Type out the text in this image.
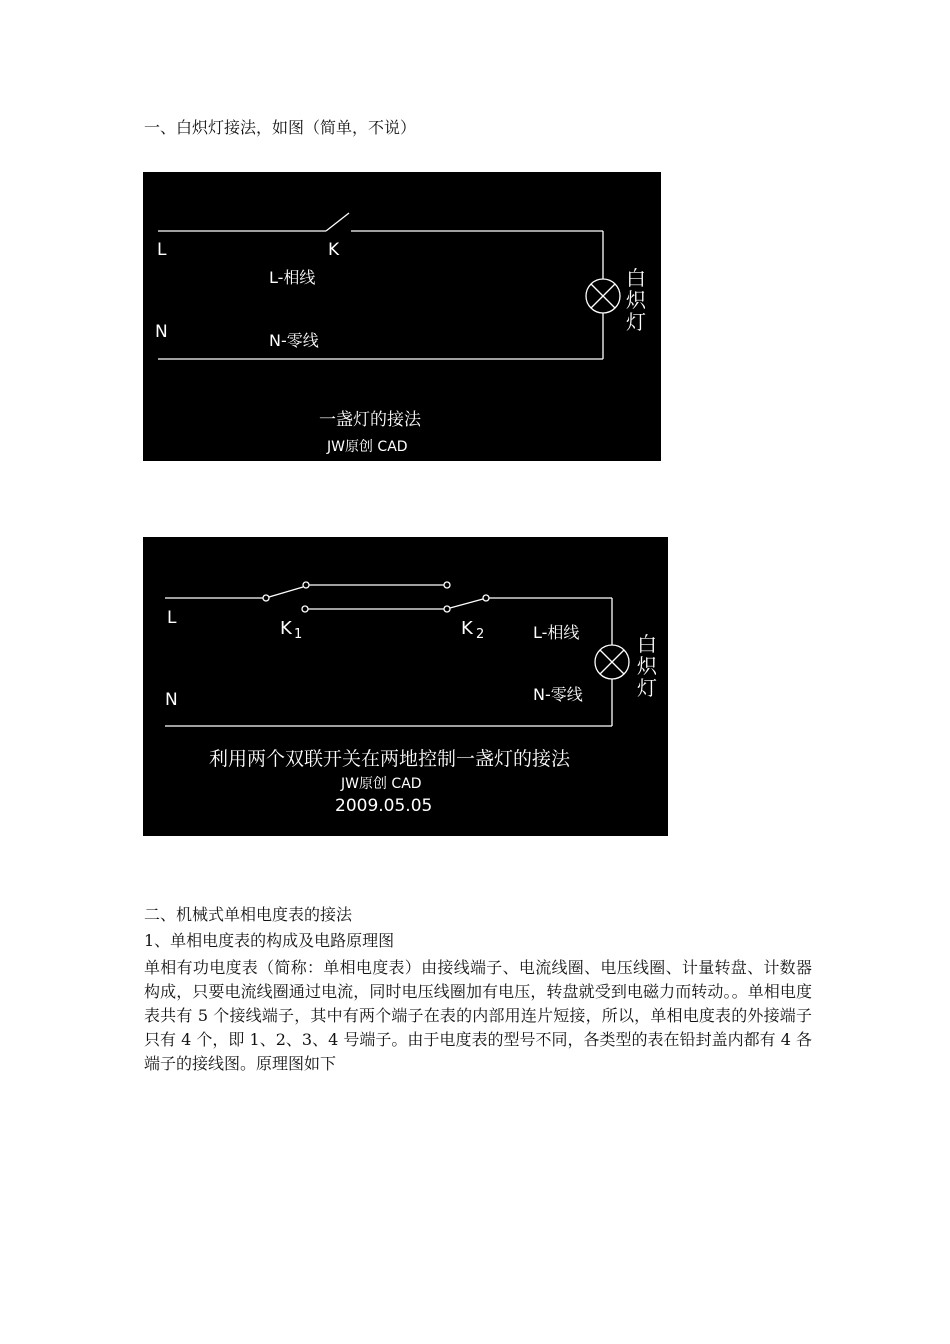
一、白炽灯接法，如图（简单，不说）
L	K
L-相线
N	N-零线
白
炽
灯
一盏灯的接法
JW原创 CAD
L	K 1	K 2	L-相线
N	N-零线
白
炽
灯
利用两个双联开关在两地控制一盏灯的接法
JW原创 CAD
2009.05.05
二、机械式单相电度表的接法
1、单相电度表的构成及电路原理图

单相有功电度表（简称：单相电度表）由接线端子、电流线圈、电压线圈、计量转盘、计数器构成，只要电流线圈通过电流，同时电压线圈加有电压，转盘就受到电磁力而转动。。单相电度表共有 5 个接线端子，其中有两个端子在表的内部用连片短接，所以，单相电度表的外接端子只有 4 个，即 1、2、3、4 号端子。由于电度表的型号不同，各类型的表在铅封盖内都有 4 各端子的接线图。原理图如下
